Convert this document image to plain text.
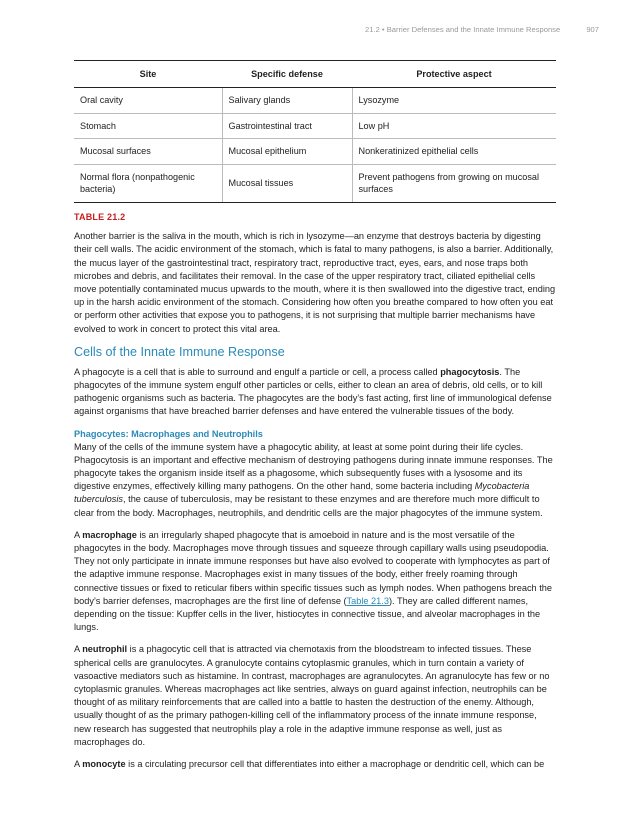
21.2 • Barrier Defenses and the Innate Immune Response	907
Site	Specific defense	Protective aspect
Oral cavity	Salivary glands	Lysozyme
Stomach	Gastrointestinal tract	Low pH
Mucosal surfaces	Mucosal epithelium	Nonkeratinized epithelial cells
Normal flora (nonpathogenic bacteria)	Mucosal tissues	Prevent pathogens from growing on mucosal surfaces
TABLE 21.2

Another barrier is the saliva in the mouth, which is rich in lysozyme—an enzyme that destroys bacteria by digesting their cell walls. The acidic environment of the stomach, which is fatal to many pathogens, is also a barrier. Additionally, the mucus layer of the gastrointestinal tract, respiratory tract, reproductive tract, eyes, ears, and nose traps both microbes and debris, and facilitates their removal. In the case of the upper respiratory tract, ciliated epithelial cells move potentially contaminated mucus upwards to the mouth, where it is then swallowed into the digestive tract, ending up in the harsh acidic environment of the stomach. Considering how often you breathe compared to how often you eat or perform other activities that expose you to pathogens, it is not surprising that multiple barrier mechanisms have evolved to work in concert to protect this vital area.

Cells of the Innate Immune Response

A phagocyte is a cell that is able to surround and engulf a particle or cell, a process called phagocytosis. The phagocytes of the immune system engulf other particles or cells, either to clean an area of debris, old cells, or to kill pathogenic organisms such as bacteria. The phagocytes are the body’s fast acting, first line of immunological defense against organisms that have breached barrier defenses and have entered the vulnerable tissues of the body.

Phagocytes: Macrophages and Neutrophils

Many of the cells of the immune system have a phagocytic ability, at least at some point during their life cycles. Phagocytosis is an important and effective mechanism of destroying pathogens during innate immune responses. The phagocyte takes the organism inside itself as a phagosome, which subsequently fuses with a lysosome and its digestive enzymes, effectively killing many pathogens. On the other hand, some bacteria including Mycobacteria tuberculosis, the cause of tuberculosis, may be resistant to these enzymes and are therefore much more difficult to clear from the body. Macrophages, neutrophils, and dendritic cells are the major phagocytes of the immune system.

A macrophage is an irregularly shaped phagocyte that is amoeboid in nature and is the most versatile of the phagocytes in the body. Macrophages move through tissues and squeeze through capillary walls using pseudopodia. They not only participate in innate immune responses but have also evolved to cooperate with lymphocytes as part of the adaptive immune response. Macrophages exist in many tissues of the body, either freely roaming through connective tissues or fixed to reticular fibers within specific tissues such as lymph nodes. When pathogens breach the body’s barrier defenses, macrophages are the first line of defense (Table 21.3). They are called different names, depending on the tissue: Kupffer cells in the liver, histiocytes in connective tissue, and alveolar macrophages in the lungs.

A neutrophil is a phagocytic cell that is attracted via chemotaxis from the bloodstream to infected tissues. These spherical cells are granulocytes. A granulocyte contains cytoplasmic granules, which in turn contain a variety of vasoactive mediators such as histamine. In contrast, macrophages are agranulocytes. An agranulocyte has few or no cytoplasmic granules. Whereas macrophages act like sentries, always on guard against infection, neutrophils can be thought of as military reinforcements that are called into a battle to hasten the destruction of the enemy. Although, usually thought of as the primary pathogen-killing cell of the inflammatory process of the innate immune response, new research has suggested that neutrophils play a role in the adaptive immune response as well, just as macrophages do.

A monocyte is a circulating precursor cell that differentiates into either a macrophage or dendritic cell, which can be
